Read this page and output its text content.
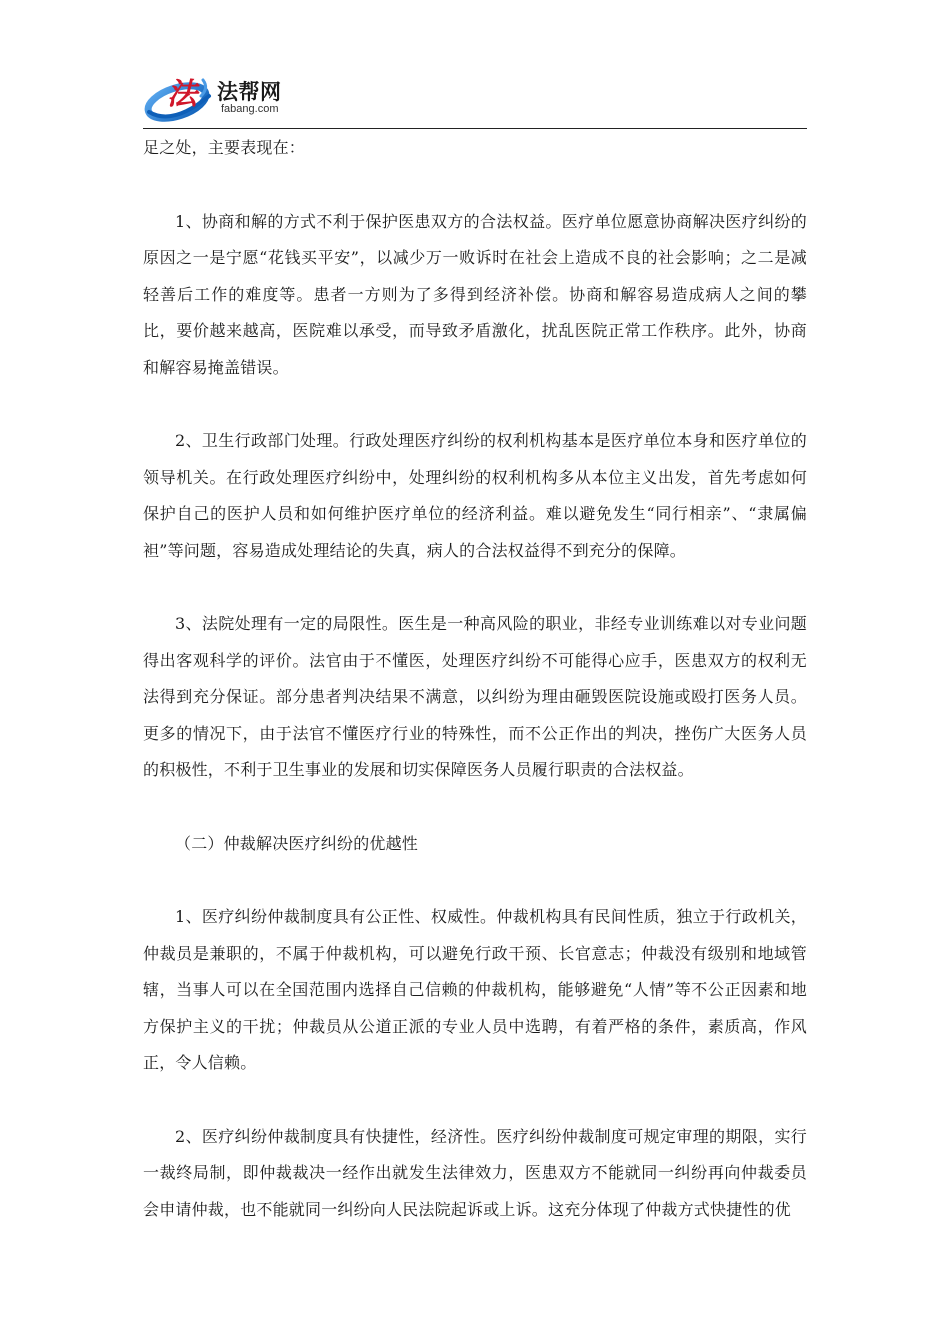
法 法帮网
fabang.com

足之处，主要表现在：

1、协商和解的方式不利于保护医患双方的合法权益。医疗单位愿意协商解决医疗纠纷的原因之一是宁愿“花钱买平安”，以减少万一败诉时在社会上造成不良的社会影响；之二是减轻善后工作的难度等。患者一方则为了多得到经济补偿。协商和解容易造成病人之间的攀比，要价越来越高，医院难以承受，而导致矛盾激化，扰乱医院正常工作秩序。此外，协商和解容易掩盖错误。

2、卫生行政部门处理。行政处理医疗纠纷的权利机构基本是医疗单位本身和医疗单位的领导机关。在行政处理医疗纠纷中，处理纠纷的权利机构多从本位主义出发，首先考虑如何保护自己的医护人员和如何维护医疗单位的经济利益。难以避免发生“同行相亲”、“隶属偏袒”等问题，容易造成处理结论的失真，病人的合法权益得不到充分的保障。

3、法院处理有一定的局限性。医生是一种高风险的职业，非经专业训练难以对专业问题得出客观科学的评价。法官由于不懂医，处理医疗纠纷不可能得心应手，医患双方的权利无法得到充分保证。部分患者判决结果不满意，以纠纷为理由砸毁医院设施或殴打医务人员。更多的情况下，由于法官不懂医疗行业的特殊性，而不公正作出的判决，挫伤广大医务人员的积极性，不利于卫生事业的发展和切实保障医务人员履行职责的合法权益。

（二）仲裁解决医疗纠纷的优越性

1、医疗纠纷仲裁制度具有公正性、权威性。仲裁机构具有民间性质，独立于行政机关，仲裁员是兼职的，不属于仲裁机构，可以避免行政干预、长官意志；仲裁没有级别和地域管辖，当事人可以在全国范围内选择自己信赖的仲裁机构，能够避免“人情”等不公正因素和地方保护主义的干扰；仲裁员从公道正派的专业人员中选聘，有着严格的条件，素质高，作风正，令人信赖。

2、医疗纠纷仲裁制度具有快捷性，经济性。医疗纠纷仲裁制度可规定审理的期限，实行一裁终局制，即仲裁裁决一经作出就发生法律效力，医患双方不能就同一纠纷再向仲裁委员会申请仲裁，也不能就同一纠纷向人民法院起诉或上诉。这充分体现了仲裁方式快捷性的优
